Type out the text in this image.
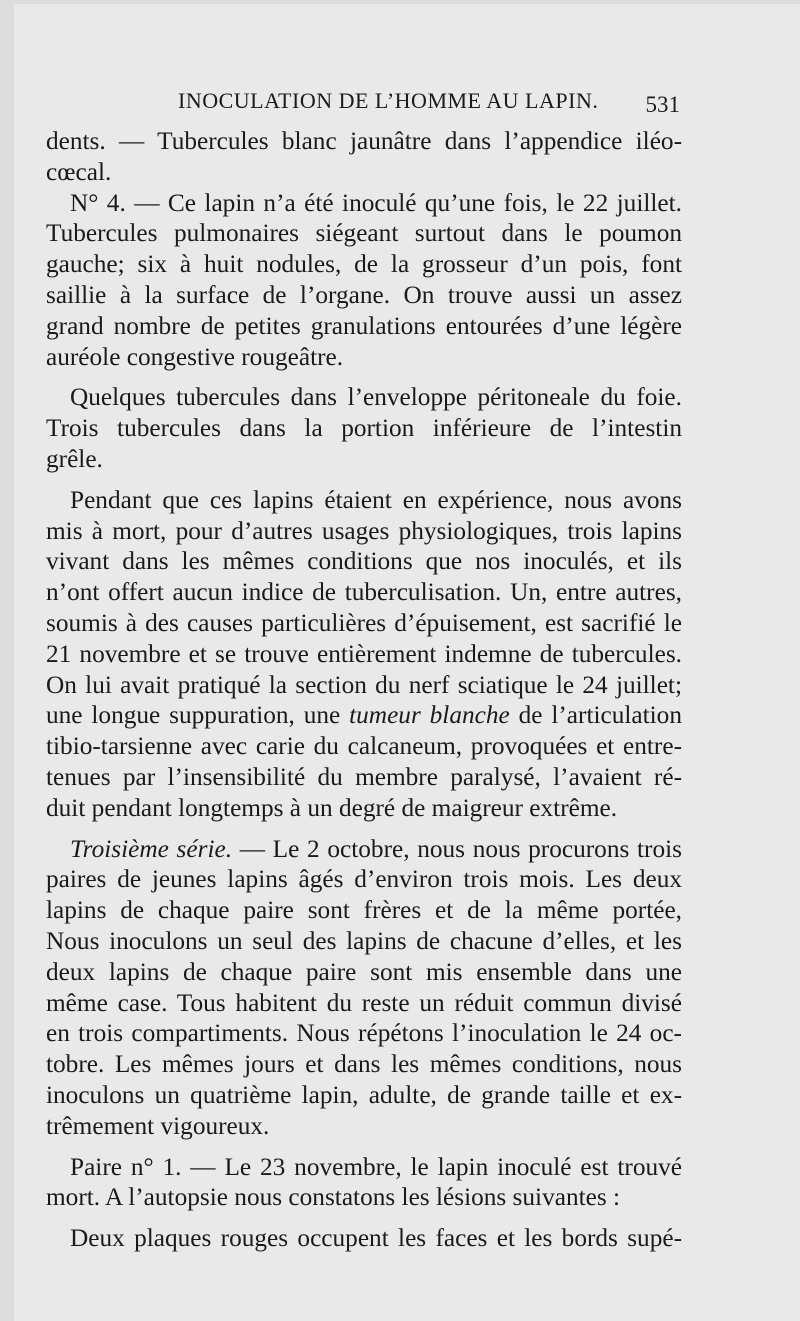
INOCULATION DE L’HOMME AU LAPIN. 531
dents. — Tubercules blanc jaunâtre dans l’appendice iléo-
cœcal.
N° 4. — Ce lapin n’a été inoculé qu’une fois, le 22 juillet.
Tubercules pulmonaires siégeant surtout dans le poumon
gauche; six à huit nodules, de la grosseur d’un pois, font
saillie à la surface de l’organe. On trouve aussi un assez
grand nombre de petites granulations entourées d’une légère
auréole congestive rougeâtre.
Quelques tubercules dans l’enveloppe péritoneale du foie.
Trois tubercules dans la portion inférieure de l’intestin
grêle.
Pendant que ces lapins étaient en expérience, nous avons
mis à mort, pour d’autres usages physiologiques, trois lapins
vivant dans les mêmes conditions que nos inoculés, et ils
n’ont offert aucun indice de tuberculisation. Un, entre autres,
soumis à des causes particulières d’épuisement, est sacrifié le
21 novembre et se trouve entièrement indemne de tubercules.
On lui avait pratiqué la section du nerf sciatique le 24 juillet;
une longue suppuration, une tumeur blanche de l’articulation
tibio-tarsienne avec carie du calcaneum, provoquées et entre-
tenues par l’insensibilité du membre paralysé, l’avaient ré-
duit pendant longtemps à un degré de maigreur extrême.
Troisième série. — Le 2 octobre, nous nous procurons trois
paires de jeunes lapins âgés d’environ trois mois. Les deux
lapins de chaque paire sont frères et de la même portée,
Nous inoculons un seul des lapins de chacune d’elles, et les
deux lapins de chaque paire sont mis ensemble dans une
même case. Tous habitent du reste un réduit commun divisé
en trois compartiments. Nous répétons l’inoculation le 24 oc-
tobre. Les mêmes jours et dans les mêmes conditions, nous
inoculons un quatrième lapin, adulte, de grande taille et ex-
trêmement vigoureux.
Paire n° 1. — Le 23 novembre, le lapin inoculé est trouvé
mort. A l’autopsie nous constatons les lésions suivantes :
Deux plaques rouges occupent les faces et les bords supé-
